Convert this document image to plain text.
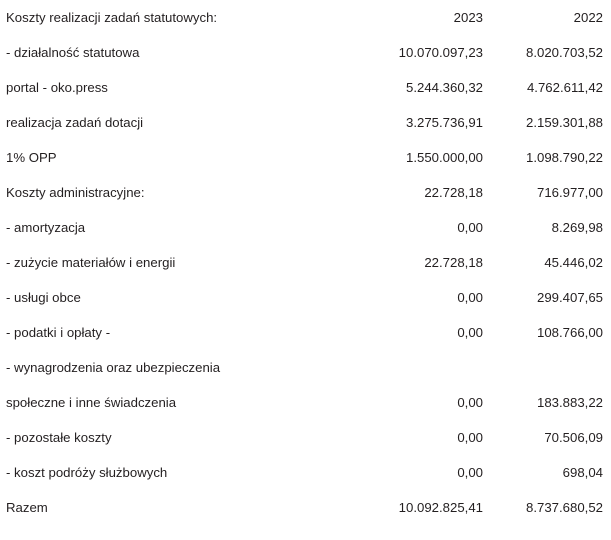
Koszty realizacji zadań statutowych:	2023	2022
- działalność statutowa	10.070.097,23	8.020.703,52
portal - oko.press	5.244.360,32	4.762.611,42
realizacja zadań dotacji	3.275.736,91	2.159.301,88
1% OPP	1.550.000,00	1.098.790,22
Koszty administracyjne:	22.728,18	716.977,00
- amortyzacja	0,00	8.269,98
- zużycie materiałów i energii	22.728,18	45.446,02
- usługi obce	0,00	299.407,65
- podatki i opłaty -	0,00	108.766,00
- wynagrodzenia oraz ubezpieczenia		
społeczne i inne świadczenia	0,00	183.883,22
- pozostałe koszty	0,00	70.506,09
- koszt podróży służbowych	0,00	698,04
Razem	10.092.825,41	8.737.680,52
